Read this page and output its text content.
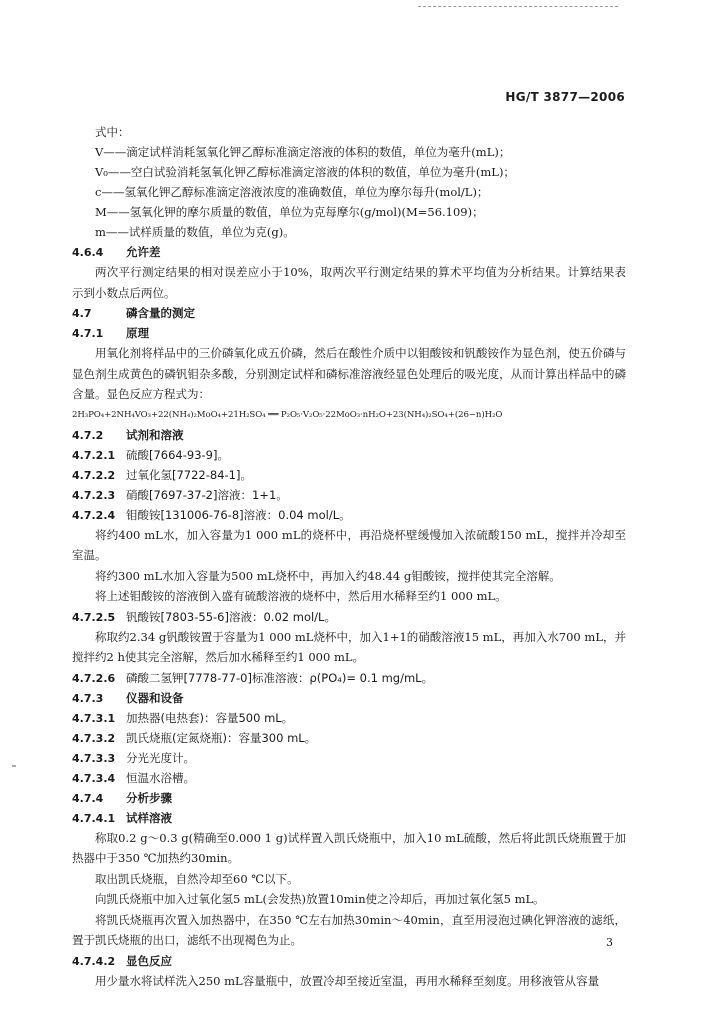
HG/T 3877—2006
式中：
V——滴定试样消耗氢氧化钾乙醇标准滴定溶液的体积的数值，单位为毫升(mL)；
V₀——空白试验消耗氢氧化钾乙醇标准滴定溶液的体积的数值，单位为毫升(mL)；
c——氢氧化钾乙醇标准滴定溶液浓度的准确数值，单位为摩尔每升(mol/L)；
M——氢氧化钾的摩尔质量的数值，单位为克每摩尔(g/mol)(M=56.109)；
m——试样质量的数值，单位为克(g)。
4.6.4 允许差
两次平行测定结果的相对误差应小于10%，取两次平行测定结果的算术平均值为分析结果。计算结果表示到小数点后两位。
4.7	磷含量的测定
4.7.1 原理
用氧化剂将样品中的三价磷氧化成五价磷，然后在酸性介质中以钼酸铵和钒酸铵作为显色剂，使五价磷与显色剂生成黄色的磷钒钼杂多酸，分别测定试样和磷标准溶液经显色处理后的吸光度，从而计算出样品中的磷含量。显色反应方程式为：
2H₃PO₄+2NH₄VO₃+22(NH₄)₂MoO₄+21H₂SO₄ ══ P₂O₅·V₂O₅·22MoO₃·nH₂O+23(NH₄)₂SO₄+(26−n)H₂O
4.7.2 试剂和溶液
4.7.2.1 硫酸[7664-93-9]。
4.7.2.2 过氧化氢[7722-84-1]。
4.7.2.3 硝酸[7697-37-2]溶液：1+1。
4.7.2.4 钼酸铵[131006-76-8]溶液：0.04 mol/L。
将约400 mL水，加入容量为1 000 mL的烧杯中，再沿烧杯壁缓慢加入浓硫酸150 mL，搅拌并冷却至室温。
将约300 mL水加入容量为500 mL烧杯中，再加入约48.44 g钼酸铵，搅拌使其完全溶解。
将上述钼酸铵的溶液倒入盛有硫酸溶液的烧杯中，然后用水稀释至约1 000 mL。
4.7.2.5 钒酸铵[7803-55-6]溶液：0.02 mol/L。
称取约2.34 g钒酸铵置于容量为1 000 mL烧杯中，加入1+1的硝酸溶液15 mL，再加入水700 mL，并搅拌约2 h使其完全溶解，然后加水稀释至约1 000 mL。
4.7.2.6 磷酸二氢钾[7778-77-0]标准溶液：ρ(PO₄)= 0.1 mg/mL。
4.7.3 仪器和设备
4.7.3.1 加热器(电热套)：容量500 mL。
4.7.3.2 凯氏烧瓶(定氮烧瓶)：容量300 mL。
4.7.3.3 分光光度计。
4.7.3.4 恒温水浴槽。
4.7.4 分析步骤
4.7.4.1 试样溶液
称取0.2 g～0.3 g(精确至0.000 1 g)试样置入凯氏烧瓶中，加入10 mL硫酸，然后将此凯氏烧瓶置于加热器中于350 ℃加热约30min。
取出凯氏烧瓶，自然冷却至60 ℃以下。
向凯氏烧瓶中加入过氧化氢5 mL(会发热)放置10min使之冷却后，再加过氧化氢5 mL。
将凯氏烧瓶再次置入加热器中，在350 ℃左右加热30min～40min，直至用浸泡过碘化钾溶液的滤纸，置于凯氏烧瓶的出口，滤纸不出现褐色为止。
4.7.4.2 显色反应
用少量水将试样洗入250 mL容量瓶中，放置冷却至接近室温，再用水稀释至刻度。用移液管从容量
3
